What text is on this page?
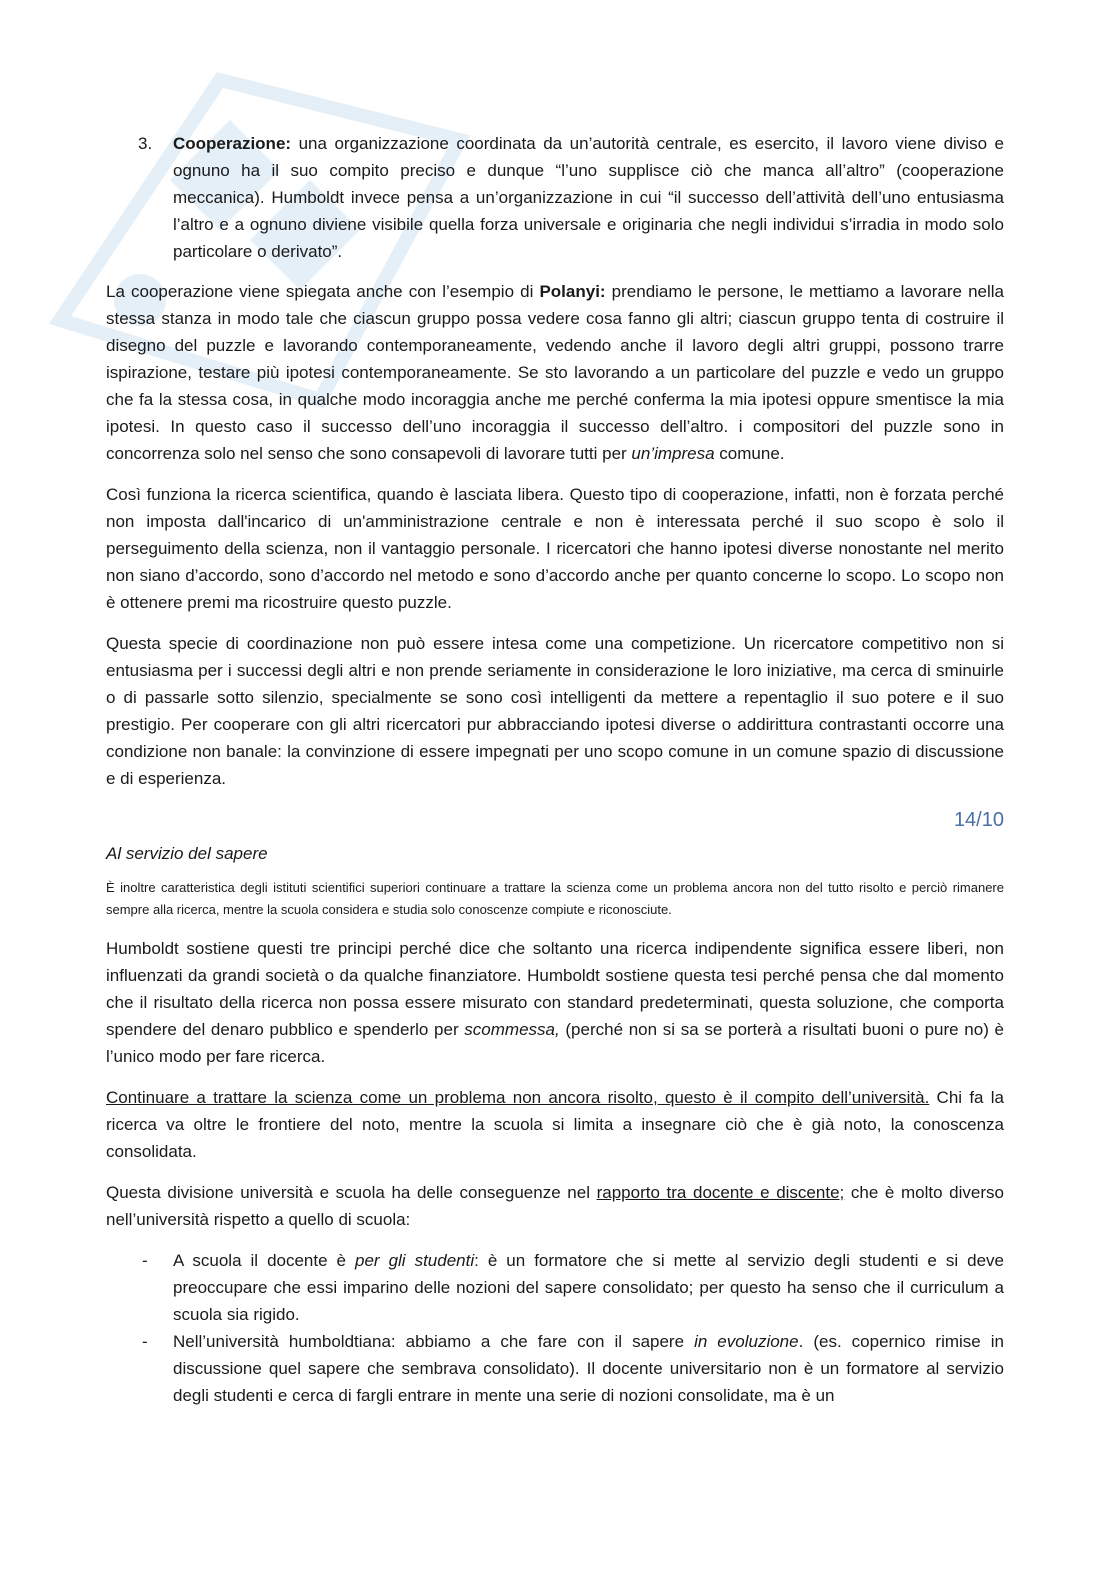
3.	Cooperazione: una organizzazione coordinata da un’autorità centrale, es esercito, il lavoro viene diviso e ognuno ha il suo compito preciso e dunque “l’uno supplisce ciò che manca all’altro” (cooperazione meccanica). Humboldt invece pensa a un’organizzazione in cui “il successo dell’attività dell’uno entusiasma l’altro e a ognuno diviene visibile quella forza universale e originaria che negli individui s’irradia in modo solo particolare o derivato”.

La cooperazione viene spiegata anche con l’esempio di Polanyi: prendiamo le persone, le mettiamo a lavorare nella stessa stanza in modo tale che ciascun gruppo possa vedere cosa fanno gli altri; ciascun gruppo tenta di costruire il disegno del puzzle e lavorando contemporaneamente, vedendo anche il lavoro degli altri gruppi, possono trarre ispirazione, testare più ipotesi contemporaneamente. Se sto lavorando a un particolare del puzzle e vedo un gruppo che fa la stessa cosa, in qualche modo incoraggia anche me perché conferma la mia ipotesi oppure smentisce la mia ipotesi. In questo caso il successo dell’uno incoraggia il successo dell’altro. i compositori del puzzle sono in concorrenza solo nel senso che sono consapevoli di lavorare tutti per un’impresa comune.

Così funziona la ricerca scientifica, quando è lasciata libera. Questo tipo di cooperazione, infatti, non è forzata perché non imposta dall'incarico di un'amministrazione centrale e non è interessata perché il suo scopo è solo il perseguimento della scienza, non il vantaggio personale. I ricercatori che hanno ipotesi diverse nonostante nel merito non siano d’accordo, sono d’accordo nel metodo e sono d’accordo anche per quanto concerne lo scopo. Lo scopo non è ottenere premi ma ricostruire questo puzzle.

Questa specie di coordinazione non può essere intesa come una competizione. Un ricercatore competitivo non si entusiasma per i successi degli altri e non prende seriamente in considerazione le loro iniziative, ma cerca di sminuirle o di passarle sotto silenzio, specialmente se sono così intelligenti da mettere a repentaglio il suo potere e il suo prestigio. Per cooperare con gli altri ricercatori pur abbracciando ipotesi diverse o addirittura contrastanti occorre una condizione non banale: la convinzione di essere impegnati per uno scopo comune in un comune spazio di discussione e di esperienza.

14/10
Al servizio del sapere

È inoltre caratteristica degli istituti scientifici superiori continuare a trattare la scienza come un problema ancora non del tutto risolto e perciò rimanere sempre alla ricerca, mentre la scuola considera e studia solo conoscenze compiute e riconosciute.

Humboldt sostiene questi tre principi perché dice che soltanto una ricerca indipendente significa essere liberi, non influenzati da grandi società o da qualche finanziatore. Humboldt sostiene questa tesi perché pensa che dal momento che il risultato della ricerca non possa essere misurato con standard predeterminati, questa soluzione, che comporta spendere del denaro pubblico e spenderlo per scommessa, (perché non si sa se porterà a risultati buoni o pure no) è l’unico modo per fare ricerca.

Continuare a trattare la scienza come un problema non ancora risolto, questo è il compito dell’università. Chi fa la ricerca va oltre le frontiere del noto, mentre la scuola si limita a insegnare ciò che è già noto, la conoscenza consolidata.

Questa divisione università e scuola ha delle conseguenze nel rapporto tra docente e discente; che è molto diverso nell’università rispetto a quello di scuola:

-	A scuola il docente è per gli studenti: è un formatore che si mette al servizio degli studenti e si deve preoccupare che essi imparino delle nozioni del sapere consolidato; per questo ha senso che il curriculum a scuola sia rigido.
-	Nell’università humboldtiana: abbiamo a che fare con il sapere in evoluzione. (es. copernico rimise in discussione quel sapere che sembrava consolidato). Il docente universitario non è un formatore al servizio degli studenti e cerca di fargli entrare in mente una serie di nozioni consolidate, ma è un
